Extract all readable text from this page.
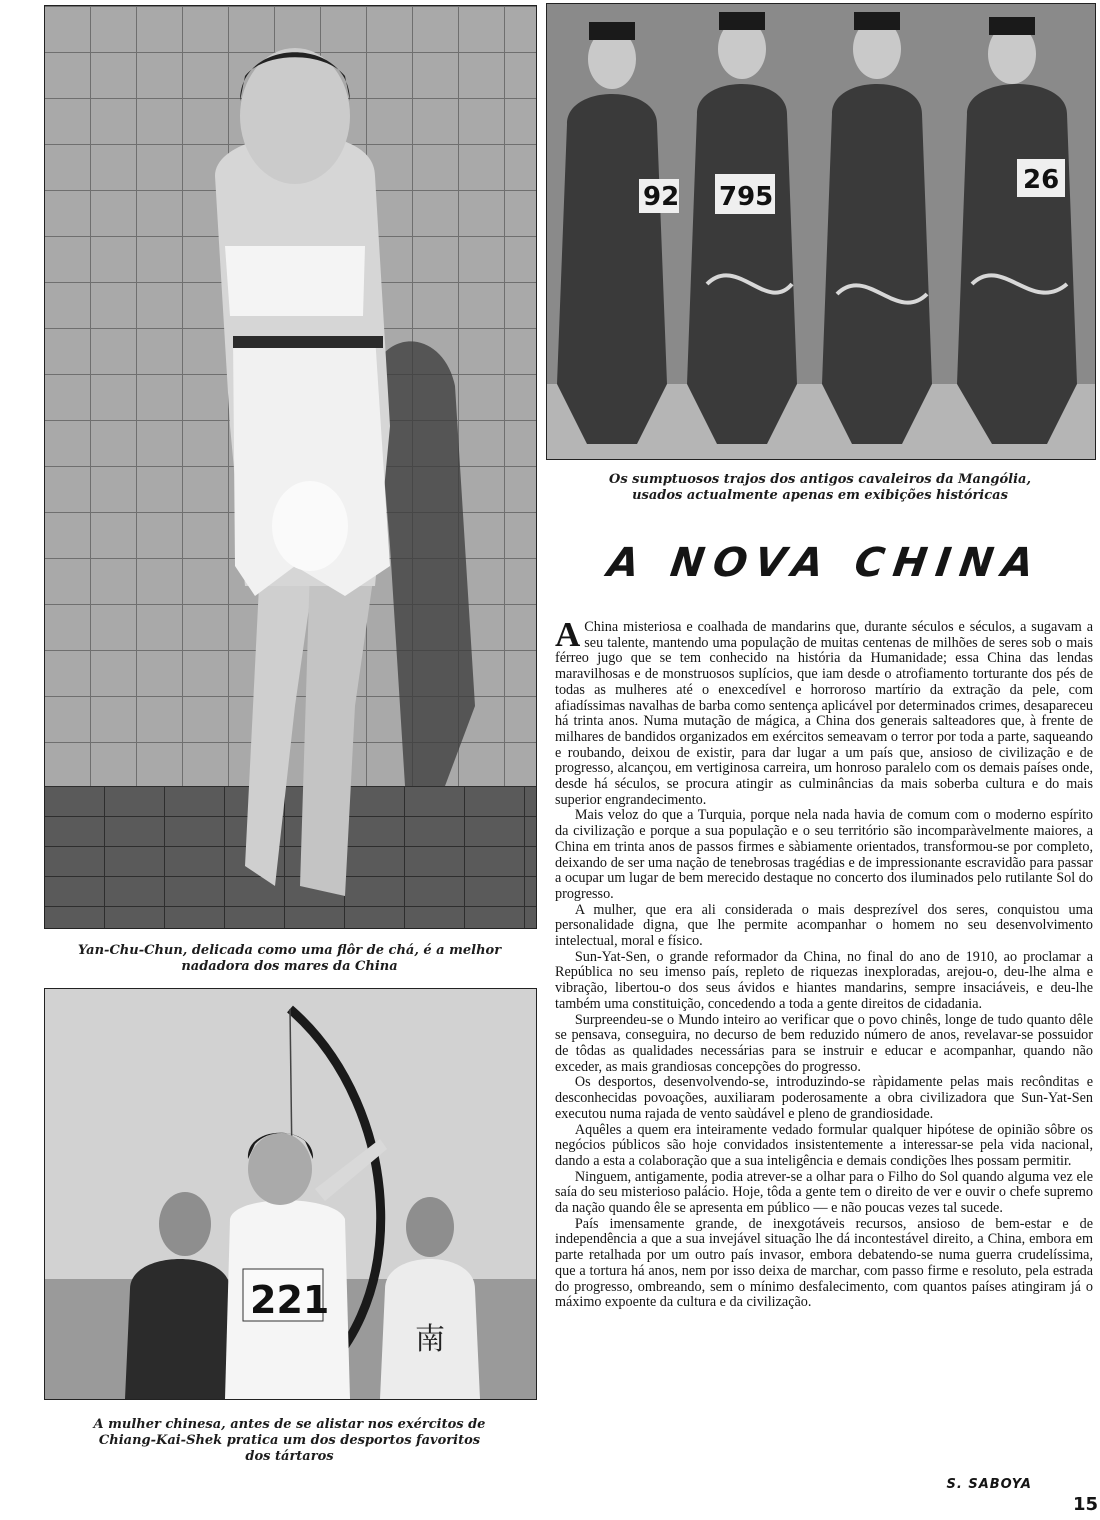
Yan-Chu-Chun, delicada como uma flôr de chá, é a melhor
nadadora dos mares da China
92 795
26
Os sumptuosos trajos dos antigos cavaleiros da Mangólia,
usados actualmente apenas em exibições históricas
南
221
A mulher chinesa, antes de se alistar nos exércitos de
Chiang-Kai-Shek pratica um dos desportos favoritos
dos tártaros
A NOVA CHINA

AChina misteriosa e coalhada de mandarins que, durante séculos e séculos, a sugavam a seu talente, mantendo uma população de muitas centenas de milhões de seres sob o mais férreo jugo que se tem conhecido na história da Humanidade; essa China das lendas maravilhosas e de monstruosos suplícios, que iam desde o atrofiamento torturante dos pés de todas as mulheres até o enexcedível e horroroso martírio da extração da pele, com afiadíssimas navalhas de barba como sentença aplicável por determinados crimes, desapareceu há trinta anos. Numa mutação de mágica, a China dos generais salteadores que, à frente de milhares de bandidos organizados em exércitos semeavam o terror por toda a parte, saqueando e roubando, deixou de existir, para dar lugar a um país que, ansioso de civilização e de progresso, alcançou, em vertiginosa carreira, um honroso paralelo com os demais países onde, desde há séculos, se procura atingir as culminâncias da mais soberba cultura e do mais superior engrandecimento.

Mais veloz do que a Turquia, porque nela nada havia de comum com o moderno espírito da civilização e porque a sua população e o seu território são incomparàvelmente maiores, a China em trinta anos de passos firmes e sàbiamente orientados, transformou-se por completo, deixando de ser uma nação de tenebrosas tragédias e de impressionante escravidão para passar a ocupar um lugar de bem merecido destaque no concerto dos iluminados pelo rutilante Sol do progresso.

A mulher, que era ali considerada o mais desprezível dos seres, conquistou uma personalidade digna, que lhe permite acompanhar o homem no seu desenvolvimento intelectual, moral e físico.

Sun-Yat-Sen, o grande reformador da China, no final do ano de 1910, ao proclamar a República no seu imenso país, repleto de riquezas inexploradas, arejou-o, deu-lhe alma e vibração, libertou-o dos seus ávidos e hiantes mandarins, sempre insaciáveis, e deu-lhe também uma constituição, concedendo a toda a gente direitos de cidadania.

Surpreendeu-se o Mundo inteiro ao verificar que o povo chinês, longe de tudo quanto dêle se pensava, conseguira, no decurso de bem reduzido número de anos, revelavar-se possuidor de tôdas as qualidades necessárias para se instruir e educar e acompanhar, quando não exceder, as mais grandiosas concepções do progresso.

Os desportos, desenvolvendo-se, introduzindo-se ràpidamente pelas mais recônditas e desconhecidas povoações, auxiliaram poderosamente a obra civilizadora que Sun-Yat-Sen executou numa rajada de vento saùdável e pleno de grandiosidade.

Aquêles a quem era inteiramente vedado formular qualquer hipótese de opinião sôbre os negócios públicos são hoje convidados insistentemente a interessar-se pela vida nacional, dando a esta a colaboração que a sua inteligência e demais condições lhes possam permitir.

Ninguem, antigamente, podia atrever-se a olhar para o Filho do Sol quando alguma vez ele saía do seu misterioso palácio. Hoje, tôda a gente tem o direito de ver e ouvir o chefe supremo da nação quando êle se apresenta em público — e não poucas vezes tal sucede.

País imensamente grande, de inexgotáveis recursos, ansioso de bem-estar e de independência a que a sua invejável situação lhe dá incontestável direito, a China, embora em parte retalhada por um outro país invasor, embora debatendo-se numa guerra crudelíssima, que a tortura há anos, nem por isso deixa de marchar, com passo firme e resoluto, pela estrada do progresso, ombreando, sem o mínimo desfalecimento, com quantos países atingiram já o máximo expoente da cultura e da civilização.

S. SABOYA
15
